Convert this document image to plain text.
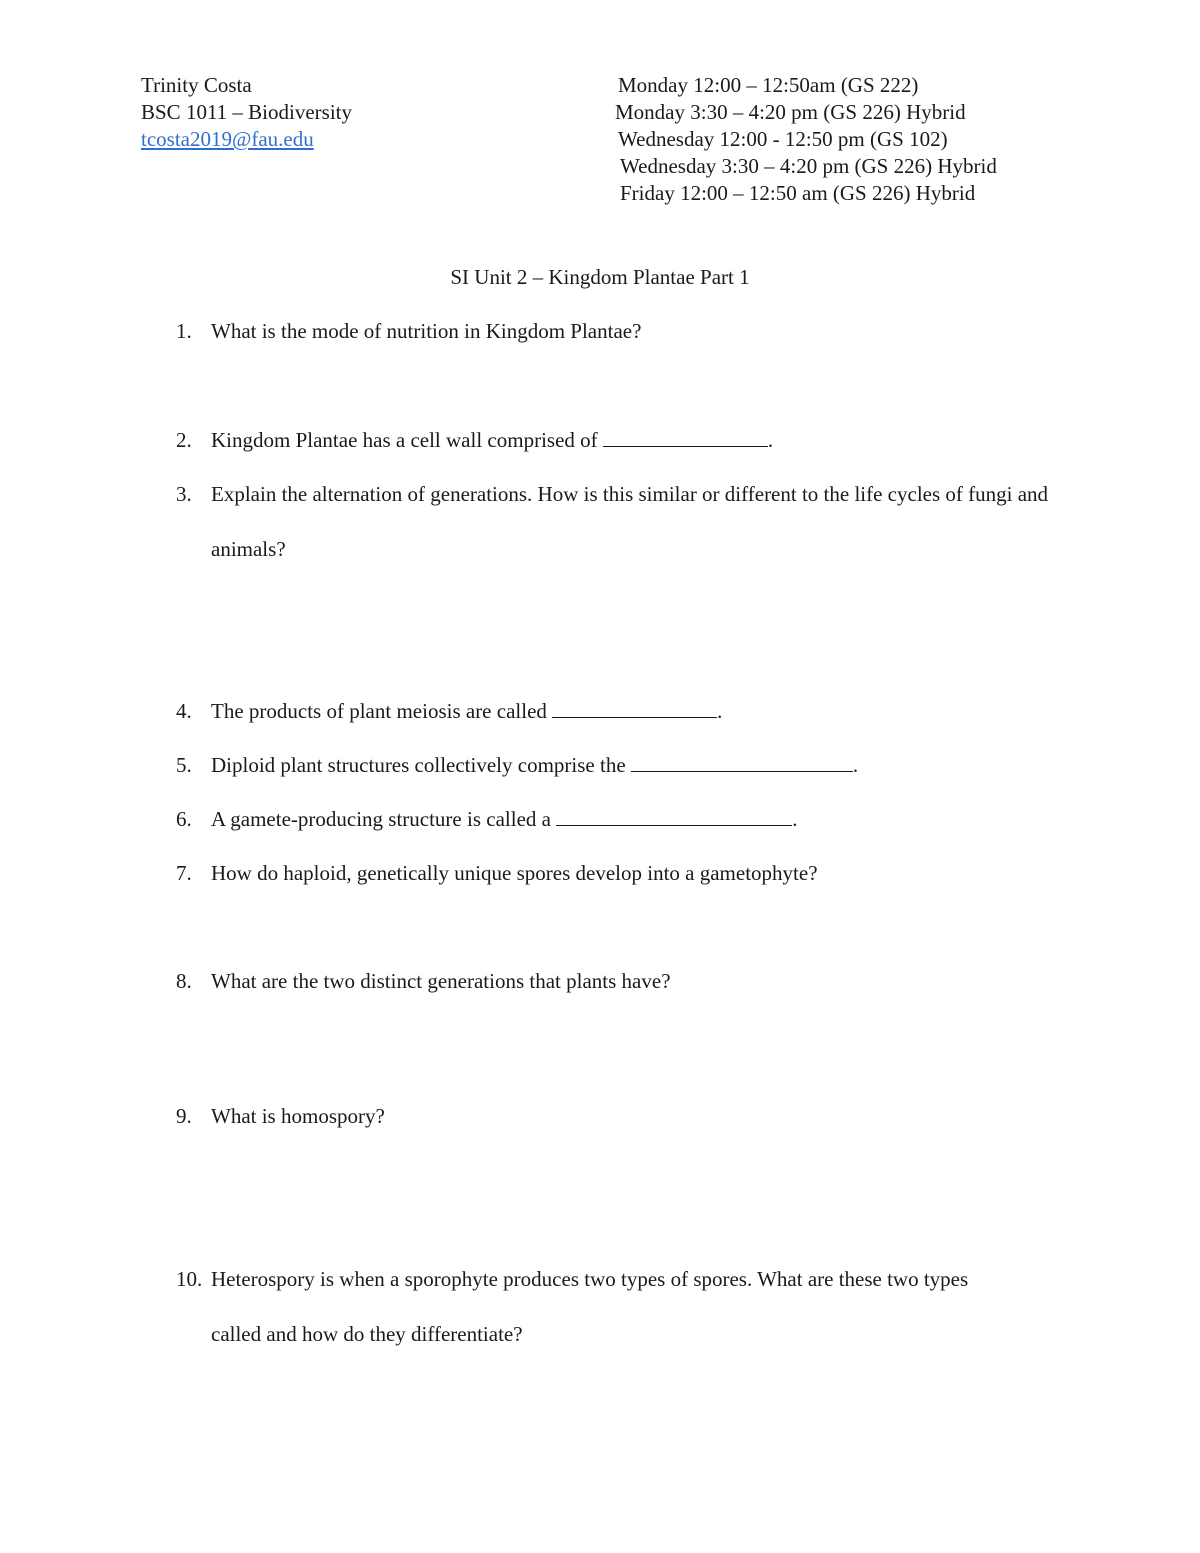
Trinity Costa
BSC 1011 – Biodiversity
tcosta2019@fau.edu
Monday 12:00 – 12:50am (GS 222)
Monday 3:30 – 4:20 pm (GS 226) Hybrid
Wednesday 12:00 - 12:50 pm (GS 102)
Wednesday 3:30 – 4:20 pm (GS 226) Hybrid
Friday 12:00 – 12:50 am (GS 226) Hybrid
SI Unit 2 – Kingdom Plantae Part 1
1. What is the mode of nutrition in Kingdom Plantae?
2. Kingdom Plantae has a cell wall comprised of	.
3. Explain the alternation of generations. How is this similar or different to the life cycles of fungi and animals?
4. The products of plant meiosis are called	.
5. Diploid plant structures collectively comprise the	.
6. A gamete-producing structure is called a	.
7. How do haploid, genetically unique spores develop into a gametophyte?
8. What are the two distinct generations that plants have?
9. What is homospory?
10. Heterospory is when a sporophyte produces two types of spores. What are these two types called and how do they differentiate?
